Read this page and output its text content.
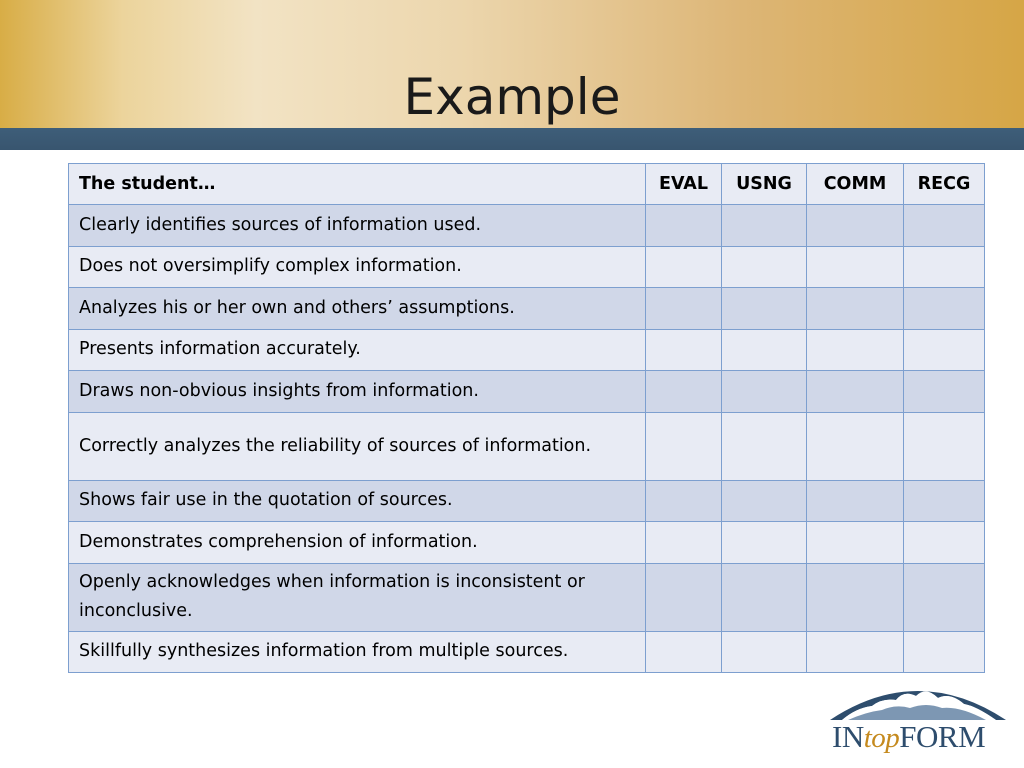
Example
The student…	EVAL	USNG	COMM	RECG
Clearly identifies sources of information used.				
Does not oversimplify complex information.				
Analyzes his or her own and others’ assumptions.				
Presents information accurately.				
Draws non-obvious insights from information.				
Correctly analyzes the reliability of sources of information.				
Shows fair use in the quotation of sources.				
Demonstrates comprehension of information.				
Openly acknowledges when information is inconsistent or inconclusive.				
Skillfully synthesizes information from multiple sources.				
INtopFORM
